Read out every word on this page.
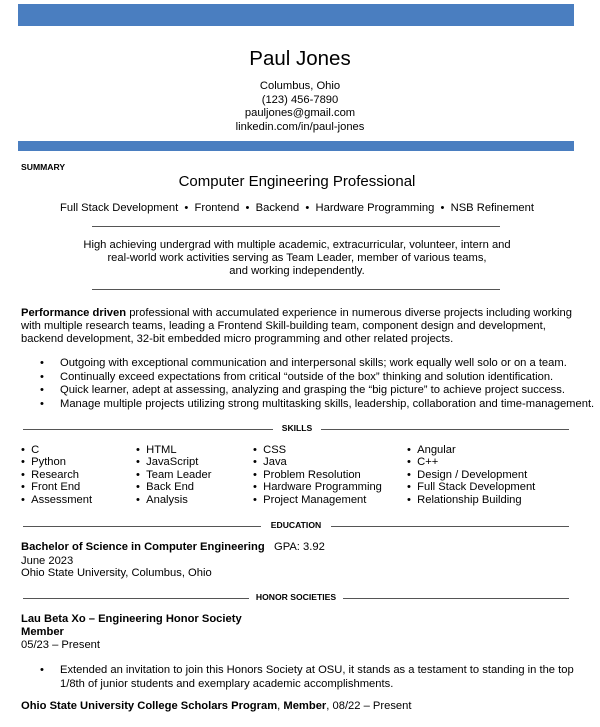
Paul Jones
Columbus, Ohio
(123) 456-7890
pauljones@gmail.com
linkedin.com/in/paul-jones
SUMMARY
Computer Engineering Professional
Full Stack Development  •  Frontend  •  Backend  •  Hardware Programming  •  NSB Refinement
High achieving undergrad with multiple academic, extracurricular, volunteer, intern and
real-world work activities serving as Team Leader, member of various teams,
and working independently.
Performance driven professional with accumulated experience in numerous diverse projects including working with multiple research teams, leading a Frontend Skill-building team, component design and development, backend development, 32-bit embedded micro programming and other related projects.
• Outgoing with exceptional communication and interpersonal skills; work equally well solo or on a team.
• Continually exceed expectations from critical “outside of the box” thinking and solution identification.
• Quick learner, adept at assessing, analyzing and grasping the “big picture” to achieve project success.
• Manage multiple projects utilizing strong multitasking skills, leadership, collaboration and time-management.
SKILLS
•  C
•  Python
•  Research
•  Front End
•  Assessment
•  HTML
•  JavaScript
•  Team Leader
•  Back End
•  Analysis
•  CSS
•  Java
•  Problem Resolution
•  Hardware Programming
•  Project Management
•  Angular
•  C++
•  Design / Development
•  Full Stack Development
•  Relationship Building
EDUCATION
Bachelor of Science in Computer Engineering GPA: 3.92
June 2023
Ohio State University, Columbus, Ohio
HONOR SOCIETIES
Lau Beta Xo – Engineering Honor Society
Member
05/23 – Present
• Extended an invitation to join this Honors Society at OSU, it stands as a testament to standing in the top
1/8th of junior students and exemplary academic accomplishments.
Ohio State University College Scholars Program, Member, 08/22 – Present
